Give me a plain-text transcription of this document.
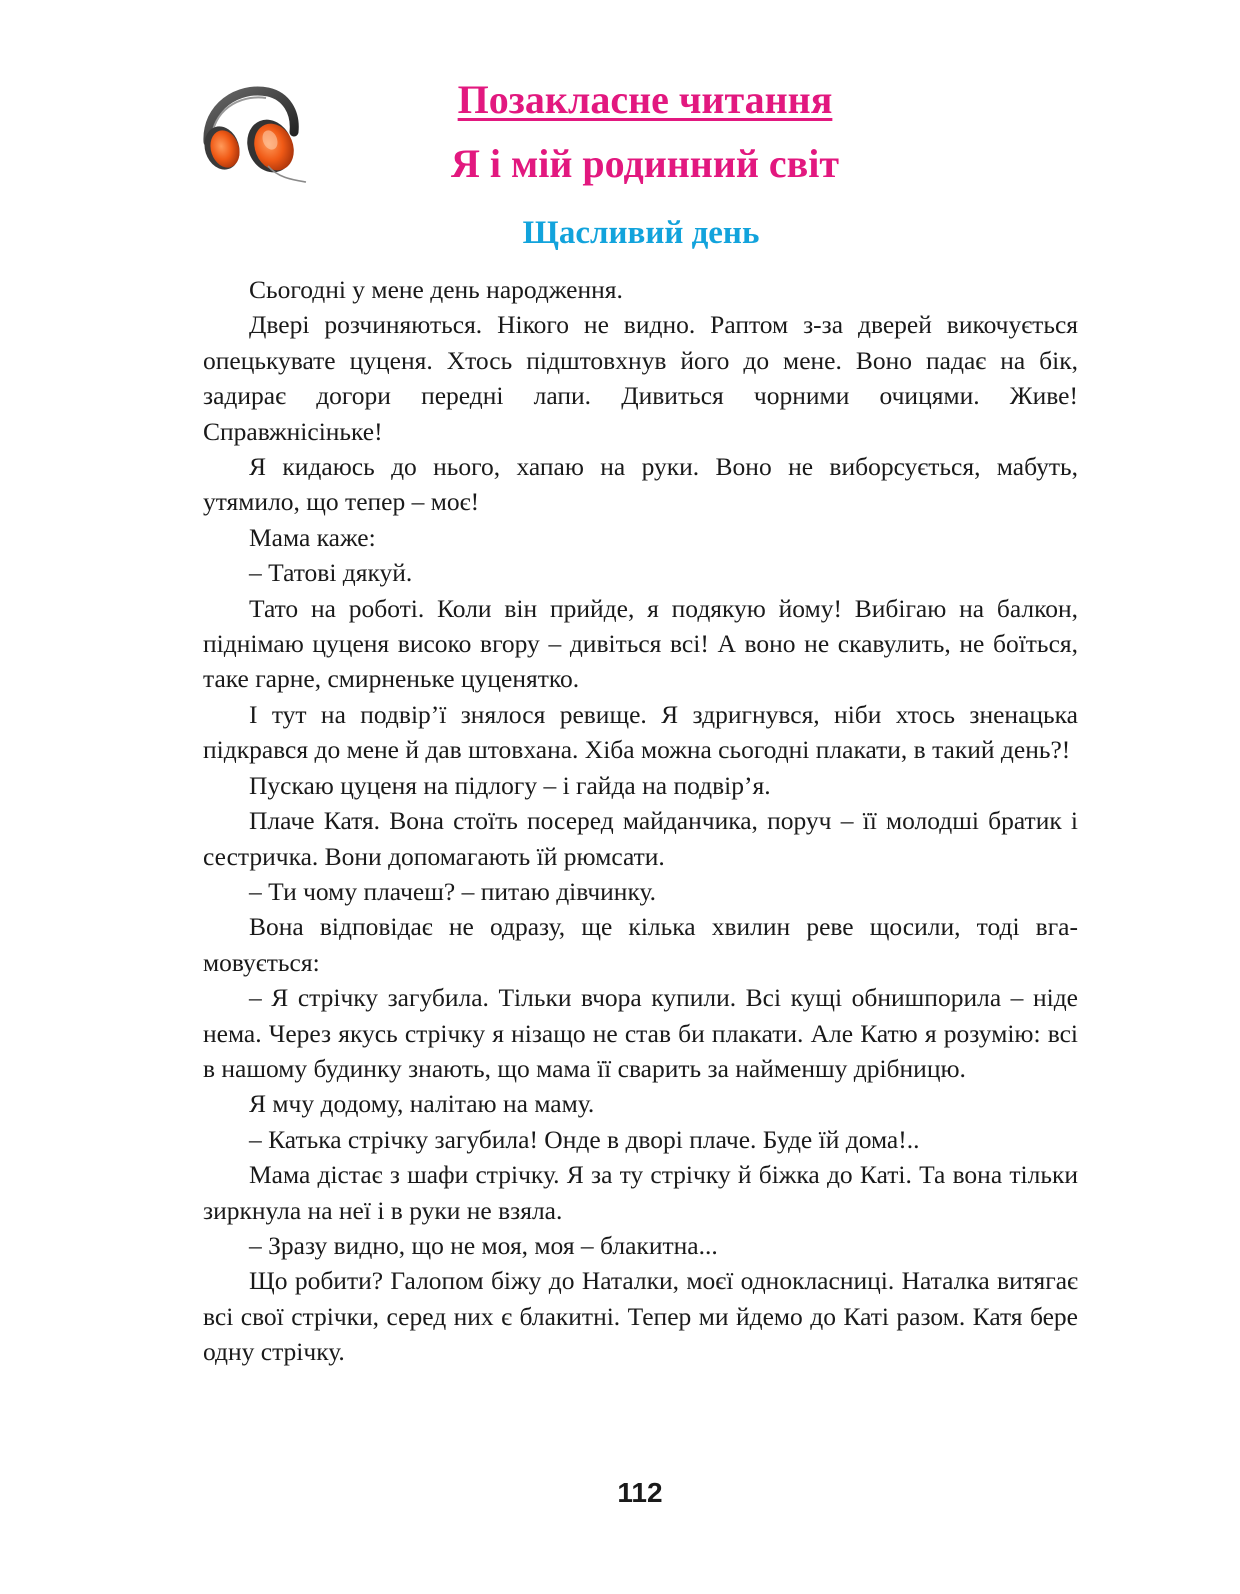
Позакласне читання
Я і мій родинний світ
Щасливий день

Сьогодні у мене день народження.

Двері розчиняються. Нікого не видно. Раптом з-за дверей викочується опецькувате цуценя. Хтось підштовхнув його до мене. Воно падає на бік, задирає догори передні лапи. Дивиться чорними очицями. Живе! Справжнісіньке!

Я кидаюсь до нього, хапаю на руки. Воно не виборсується, мабуть, утямило, що тепер – моє!

Мама каже:

– Татові дякуй.

Тато на роботі. Коли він прийде, я подякую йому! Вибігаю на балкон, піднімаю цуценя високо вгору – дивіться всі! А воно не скавулить, не боїться, таке гарне, смирненьке цуценятко.

І тут на подвір’ї знялося ревище. Я здригнувся, ніби хтось зненацька підкрався до мене й дав штовхана. Хіба можна сьогодні плакати, в такий день?!

Пускаю цуценя на підлогу – і гайда на подвір’я.

Плаче Катя. Вона стоїть посеред майданчика, поруч – її молодші братик і сестричка. Вони допомагають їй рюмсати.

– Ти чому плачеш? – питаю дівчинку.

Вона відповідає не одразу, ще кілька хвилин реве щосили, тоді вгамовується:

– Я стрічку загубила. Тільки вчора купили. Всі кущі обнишпорила – ніде нема. Через якусь стрічку я нізащо не став би плакати. Але Катю я розумію: всі в нашому будинку знають, що мама її сварить за найменшу дрібницю.

Я мчу додому, налітаю на маму.

– Катька стрічку загубила! Онде в дворі плаче. Буде їй дома!..

Мама дістає з шафи стрічку. Я за ту стрічку й біжка до Каті. Та вона тільки зиркнула на неї і в руки не взяла.

– Зразу видно, що не моя, моя – блакитна...

Що робити? Галопом біжу до Наталки, моєї однокласниці. Наталка витягає всі свої стрічки, серед них є блакитні. Тепер ми йдемо до Каті разом. Катя бере одну стрічку.

112
